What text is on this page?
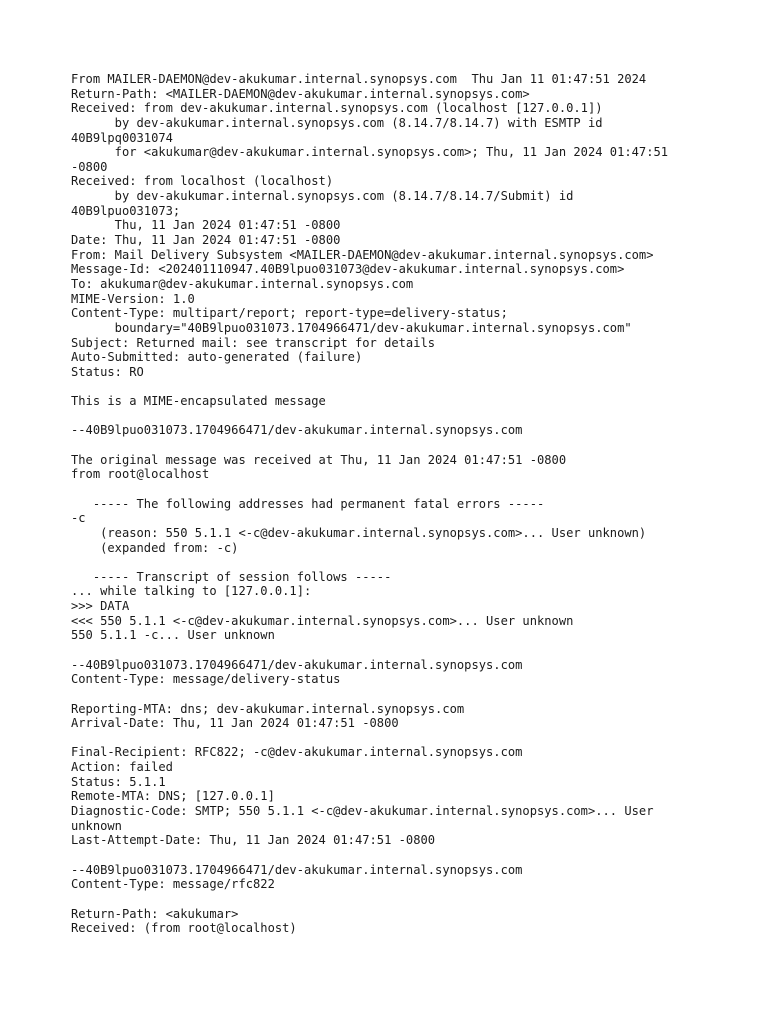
From MAILER-DAEMON@dev-akukumar.internal.synopsys.com  Thu Jan 11 01:47:51 2024
Return-Path: <MAILER-DAEMON@dev-akukumar.internal.synopsys.com>
Received: from dev-akukumar.internal.synopsys.com (localhost [127.0.0.1])
by dev-akukumar.internal.synopsys.com (8.14.7/8.14.7) with ESMTP id
40B9lpq0031074
for <akukumar@dev-akukumar.internal.synopsys.com>; Thu, 11 Jan 2024 01:47:51
-0800
Received: from localhost (localhost)
by dev-akukumar.internal.synopsys.com (8.14.7/8.14.7/Submit) id
40B9lpuo031073;
Thu, 11 Jan 2024 01:47:51 -0800
Date: Thu, 11 Jan 2024 01:47:51 -0800
From: Mail Delivery Subsystem <MAILER-DAEMON@dev-akukumar.internal.synopsys.com>
Message-Id: <202401110947.40B9lpuo031073@dev-akukumar.internal.synopsys.com>
To: akukumar@dev-akukumar.internal.synopsys.com
MIME-Version: 1.0
Content-Type: multipart/report; report-type=delivery-status;
boundary="40B9lpuo031073.1704966471/dev-akukumar.internal.synopsys.com"
Subject: Returned mail: see transcript for details
Auto-Submitted: auto-generated (failure)
Status: RO
This is a MIME-encapsulated message
--40B9lpuo031073.1704966471/dev-akukumar.internal.synopsys.com
The original message was received at Thu, 11 Jan 2024 01:47:51 -0800
from root@localhost
----- The following addresses had permanent fatal errors -----
-c
(reason: 550 5.1.1 <-c@dev-akukumar.internal.synopsys.com>... User unknown)
(expanded from: -c)
----- Transcript of session follows -----
... while talking to [127.0.0.1]:
>>> DATA
<<< 550 5.1.1 <-c@dev-akukumar.internal.synopsys.com>... User unknown
550 5.1.1 -c... User unknown
--40B9lpuo031073.1704966471/dev-akukumar.internal.synopsys.com
Content-Type: message/delivery-status
Reporting-MTA: dns; dev-akukumar.internal.synopsys.com
Arrival-Date: Thu, 11 Jan 2024 01:47:51 -0800
Final-Recipient: RFC822; -c@dev-akukumar.internal.synopsys.com
Action: failed
Status: 5.1.1
Remote-MTA: DNS; [127.0.0.1]
Diagnostic-Code: SMTP; 550 5.1.1 <-c@dev-akukumar.internal.synopsys.com>... User
unknown
Last-Attempt-Date: Thu, 11 Jan 2024 01:47:51 -0800
--40B9lpuo031073.1704966471/dev-akukumar.internal.synopsys.com
Content-Type: message/rfc822
Return-Path: <akukumar>
Received: (from root@localhost)
